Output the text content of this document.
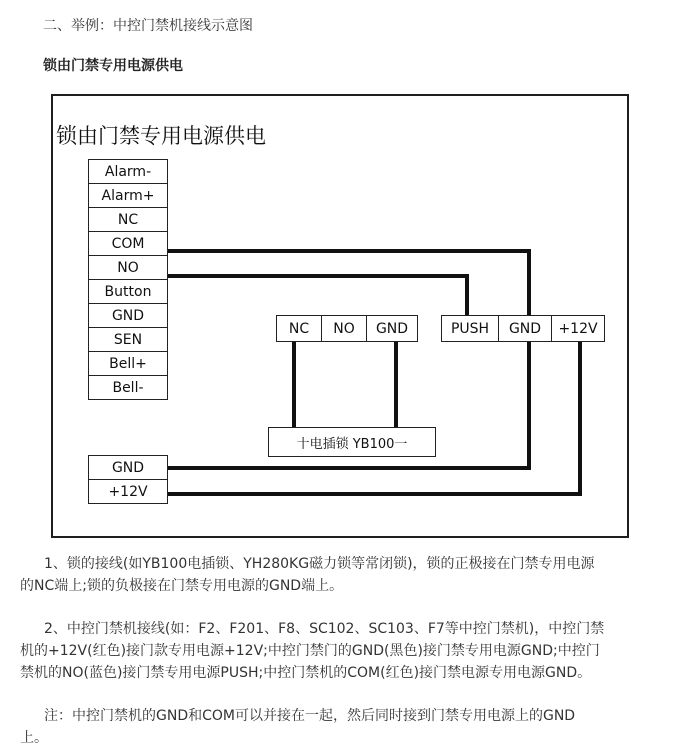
二、举例：中控门禁机接线示意图
锁由门禁专用电源供电
锁由门禁专用电源供电
Alarm-
Alarm+
NC
COM
NO
Button
GND
SEN
Bell+
Bell-
GND
+12V
NC	NO	GND	PUSH	GND	+12V
十电插锁 YB100一
1、锁的接线(如YB100电插锁、YH280KG磁力锁等常闭锁)，锁的正极接在门禁专用电源
的NC端上;锁的负极接在门禁专用电源的GND端上。
2、中控门禁机接线(如：F2、F201、F8、SC102、SC103、F7等中控门禁机)，中控门禁
机的+12V(红色)接门款专用电源+12V;中控门禁门的GND(黑色)接门禁专用电源GND;中控门
禁机的NO(蓝色)接门禁专用电源PUSH;中控门禁机的COM(红色)接门禁电源专用电源GND。
注：中控门禁机的GND和COM可以并接在一起，然后同时接到门禁专用电源上的GND
上。
